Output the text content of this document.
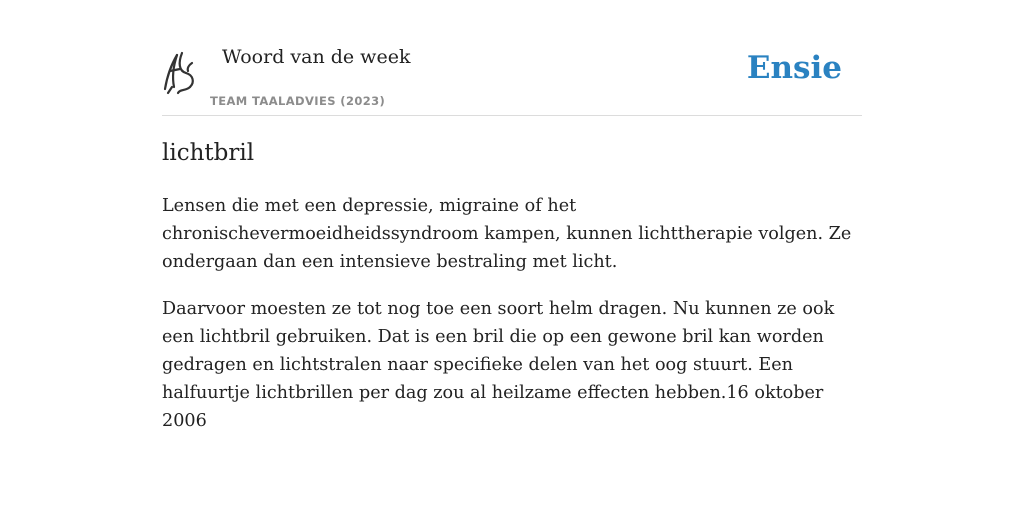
Woord van de week
TEAM TAALADVIES (2023)
Ensie
lichtbril

Lensen die met een depressie, migraine of het chronischevermoeidheidssyndroom kampen, kunnen lichttherapie volgen. Ze ondergaan dan een intensieve bestraling met licht.

Daarvoor moesten ze tot nog toe een soort helm dragen. Nu kunnen ze ook een lichtbril gebruiken. Dat is een bril die op een gewone bril kan worden gedragen en lichtstralen naar specifieke delen van het oog stuurt. Een halfuurtje lichtbrillen per dag zou al heilzame effecten hebben.16 oktober 2006
